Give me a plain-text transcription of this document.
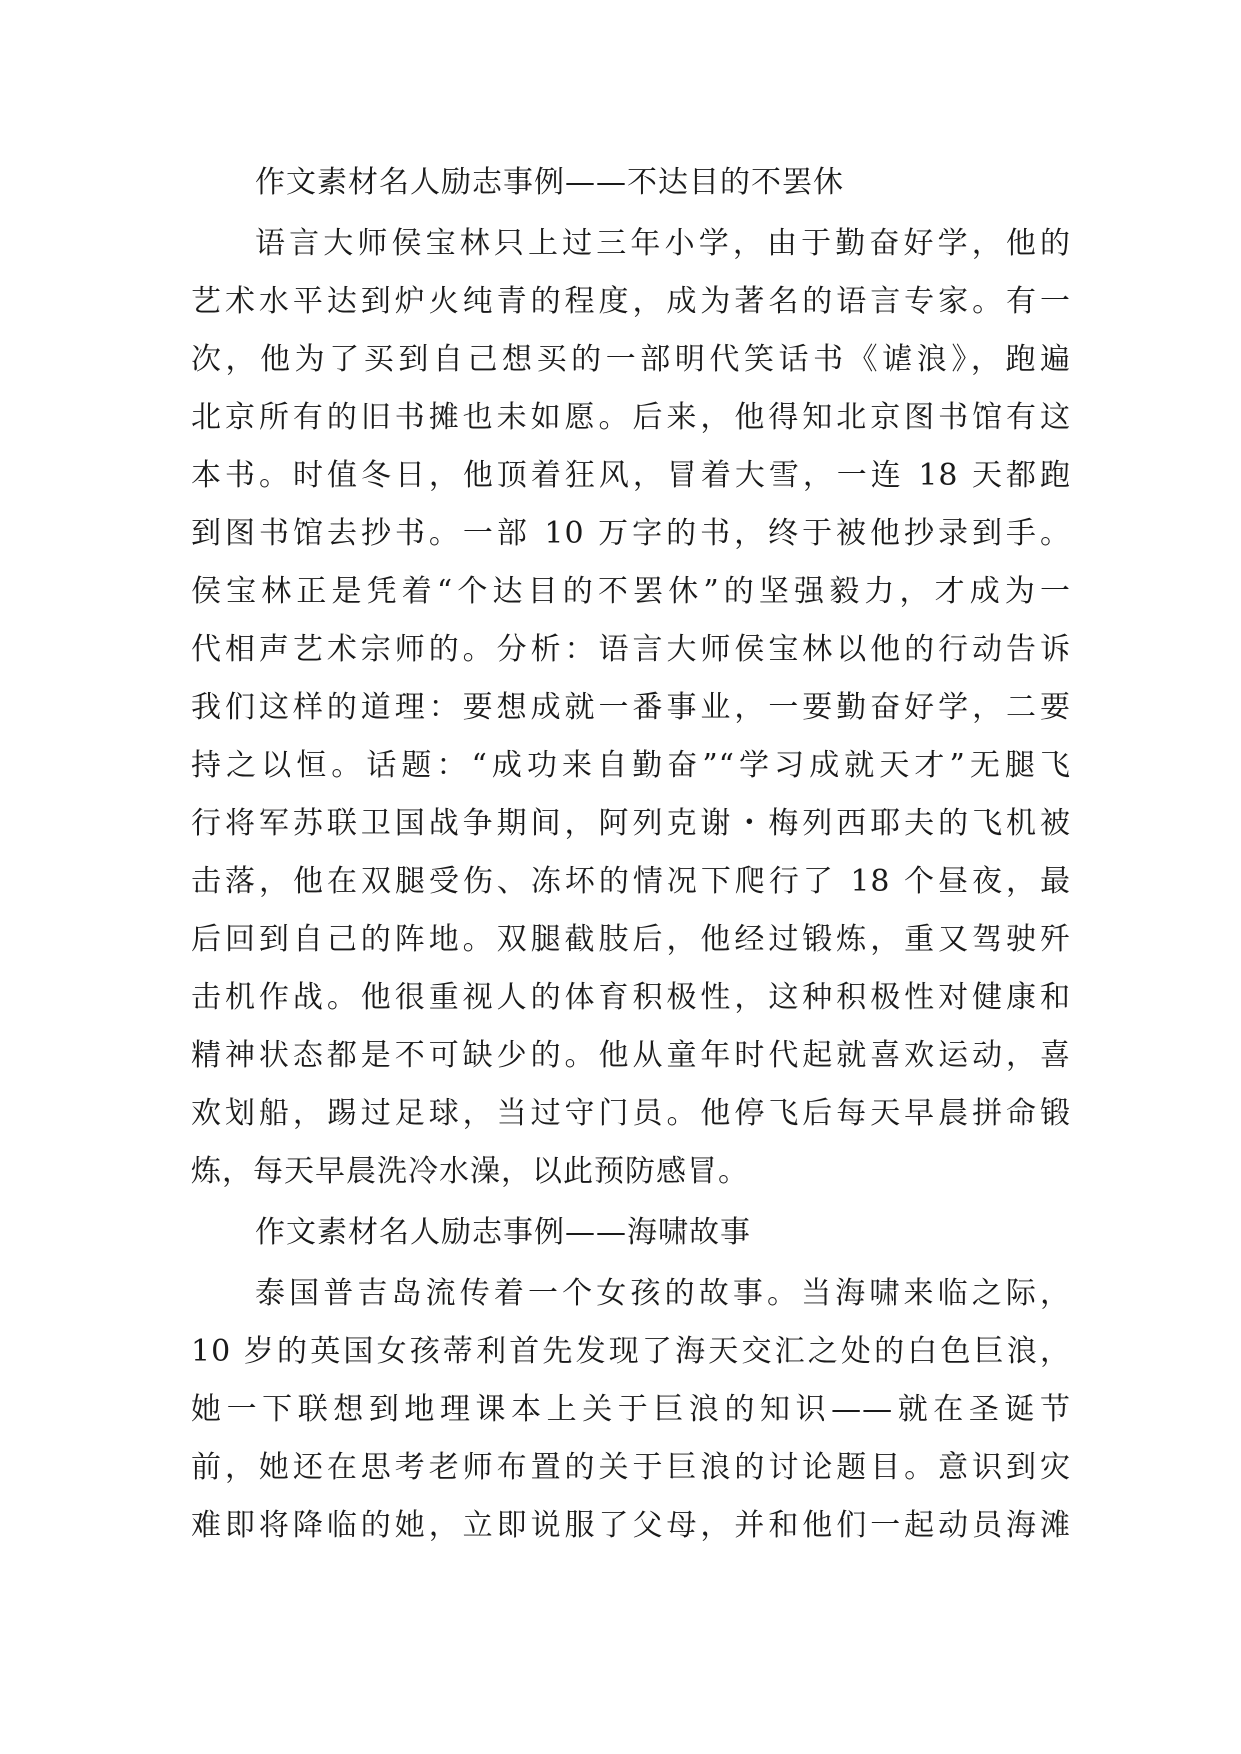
作文素材名人励志事例——不达目的不罢休

语言大师侯宝林只上过三年小学，由于勤奋好学，他的

艺术水平达到炉火纯青的程度，成为著名的语言专家。有一

次，他为了买到自己想买的一部明代笑话书《谑浪》，跑遍

北京所有的旧书摊也未如愿。后来，他得知北京图书馆有这

本书。时值冬日，他顶着狂风，冒着大雪，一连 18 天都跑

到图书馆去抄书。一部 10 万字的书，终于被他抄录到手。

侯宝林正是凭着“个达目的不罢休”的坚强毅力，才成为一

代相声艺术宗师的。分析：语言大师侯宝林以他的行动告诉

我们这样的道理：要想成就一番事业，一要勤奋好学，二要

持之以恒。话题：“成功来自勤奋”“学习成就天才”无腿飞

行将军苏联卫国战争期间，阿列克谢・梅列西耶夫的飞机被

击落，他在双腿受伤、冻坏的情况下爬行了 18 个昼夜，最

后回到自己的阵地。双腿截肢后，他经过锻炼，重又驾驶歼

击机作战。他很重视人的体育积极性，这种积极性对健康和

精神状态都是不可缺少的。他从童年时代起就喜欢运动，喜

欢划船，踢过足球，当过守门员。他停飞后每天早晨拼命锻

炼，每天早晨洗冷水澡，以此预防感冒。

作文素材名人励志事例——海啸故事

泰国普吉岛流传着一个女孩的故事。当海啸来临之际，

10 岁的英国女孩蒂利首先发现了海天交汇之处的白色巨浪，

她一下联想到地理课本上关于巨浪的知识——就在圣诞节

前，她还在思考老师布置的关于巨浪的讨论题目。意识到灾

难即将降临的她，立即说服了父母，并和他们一起动员海滩
